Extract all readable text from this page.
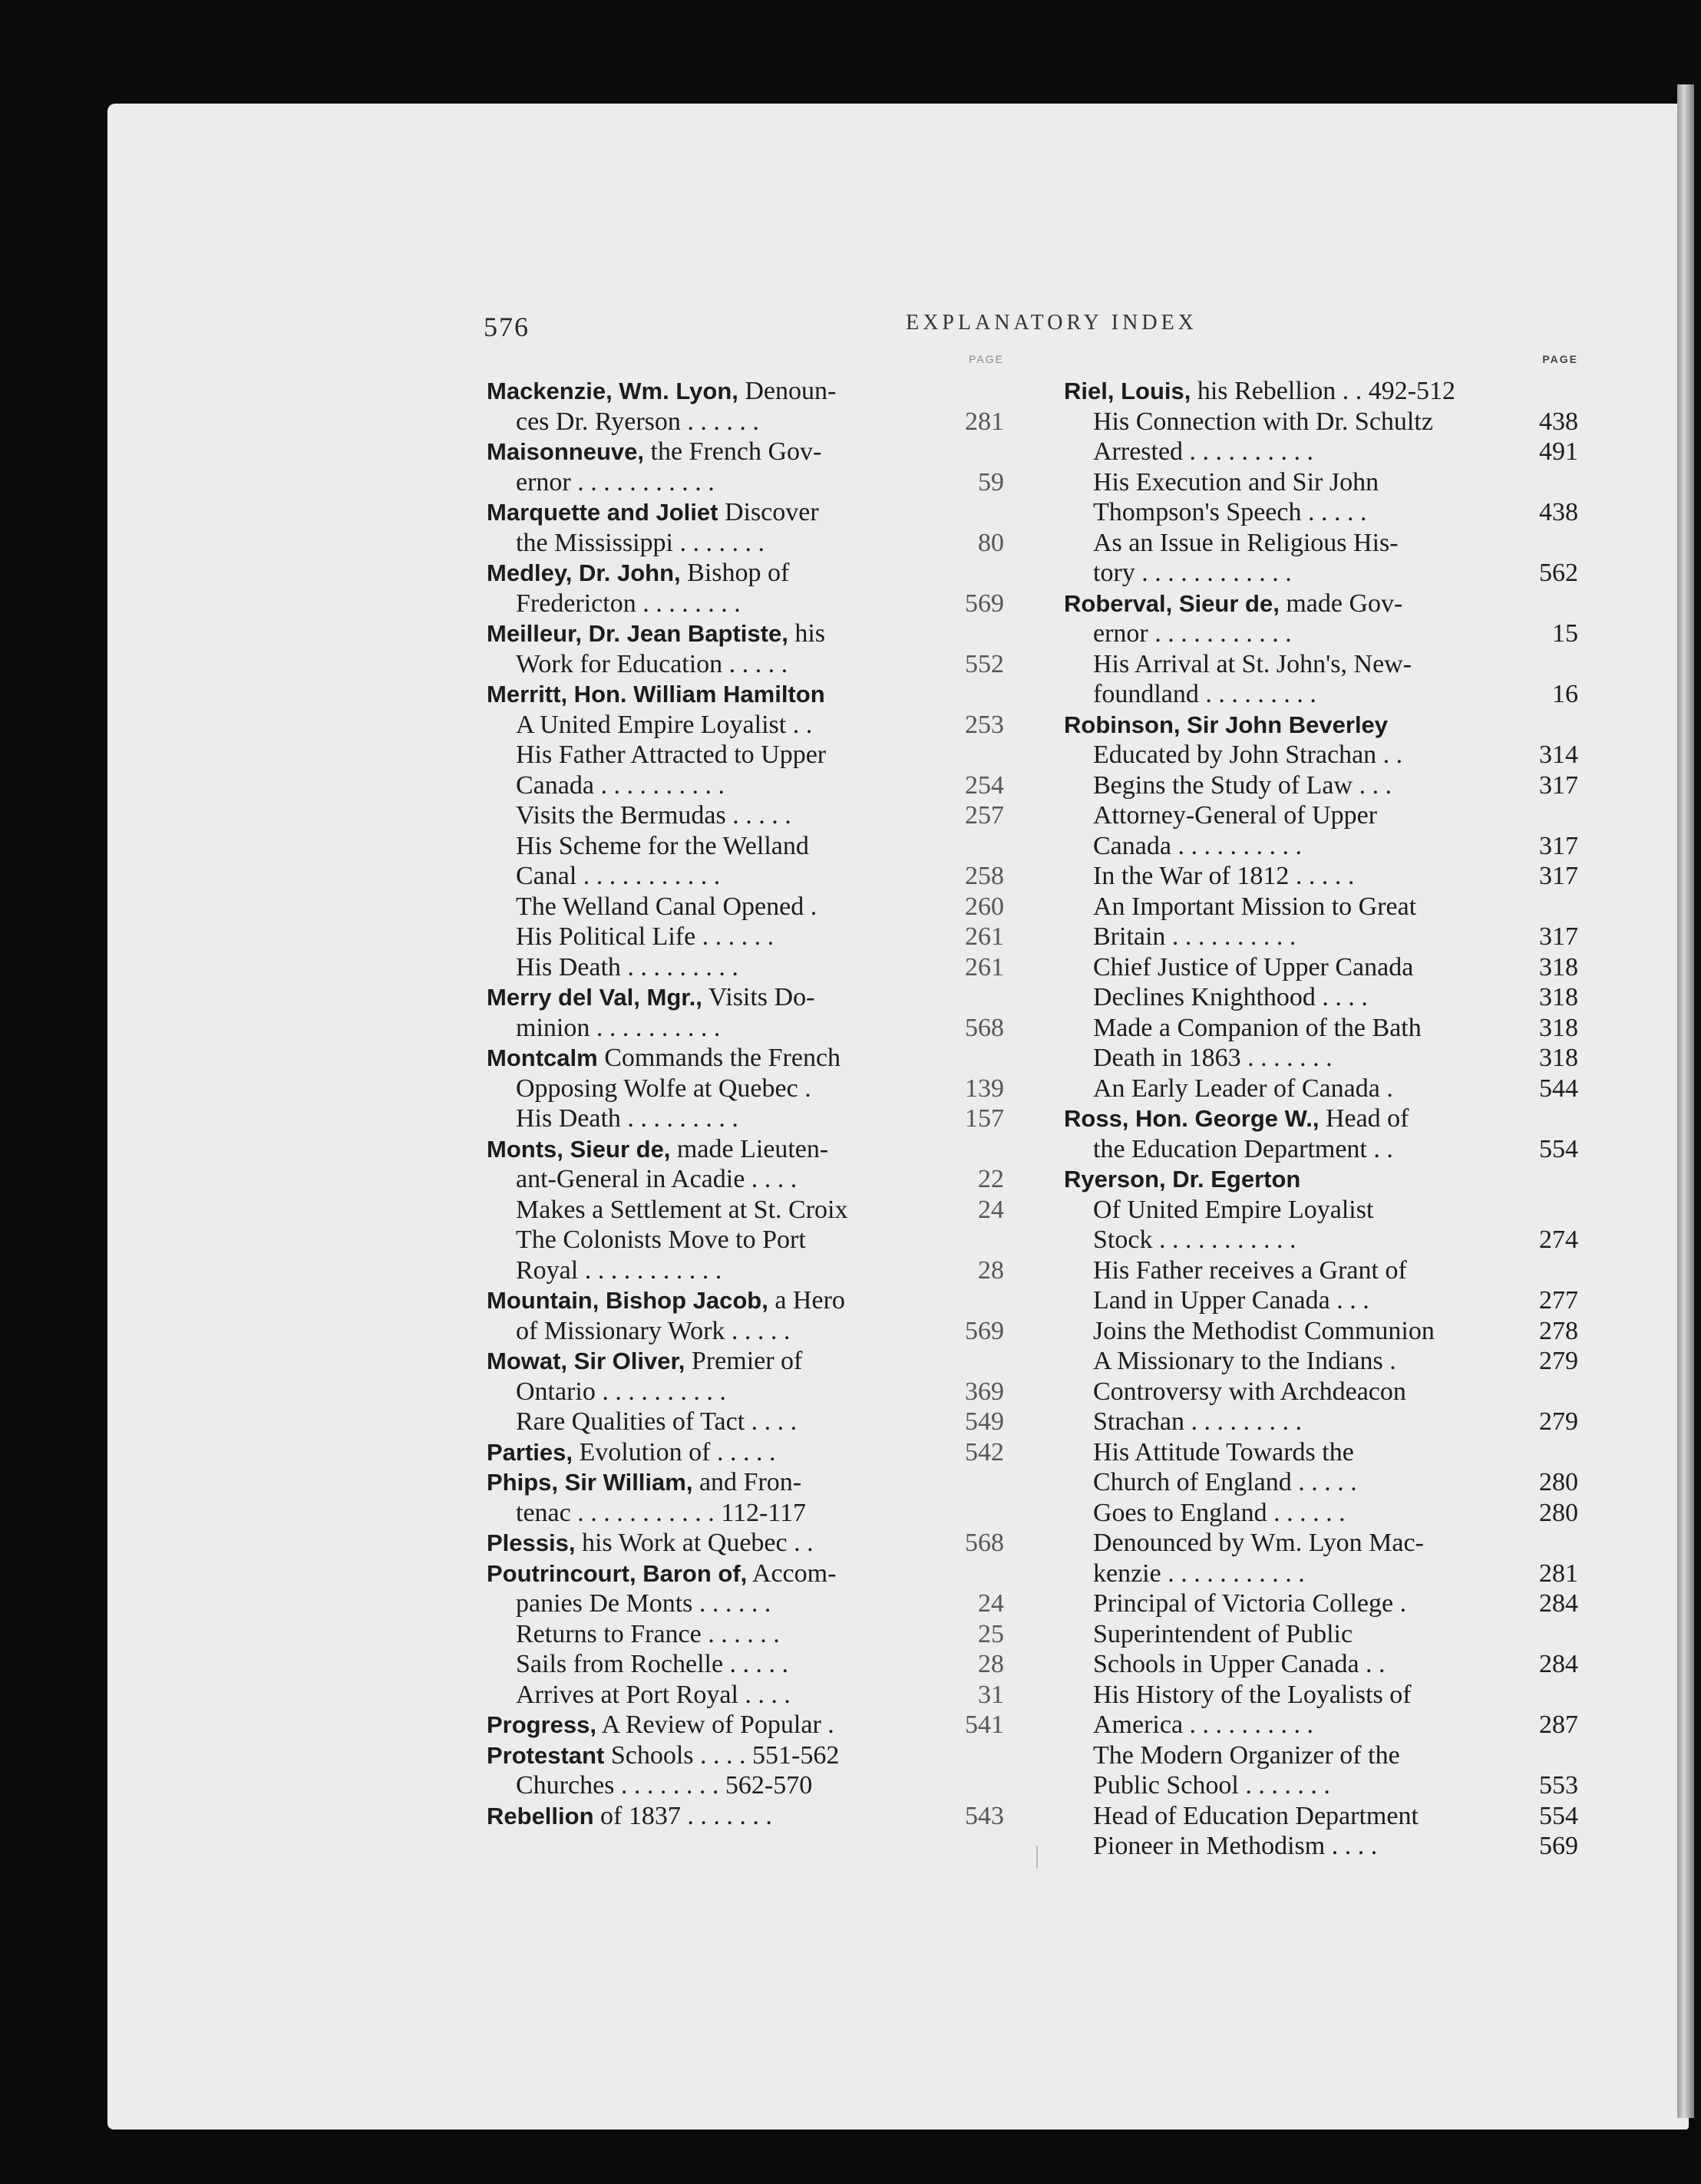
576	EXPLANATORY INDEX
PAGE
Mackenzie, Wm. Lyon, Denoun-
ces Dr. Ryerson . . . . . .	281
Maisonneuve, the French Gov-
ernor . . . . . . . . . . .	59
Marquette and Joliet Discover
the Mississippi . . . . . . .	80
Medley, Dr. John, Bishop of
Fredericton . . . . . . . .	569
Meilleur, Dr. Jean Baptiste, his
Work for Education . . . . .	552
Merritt, Hon. William Hamilton
A United Empire Loyalist . .	253
His Father Attracted to Upper
Canada . . . . . . . . . .	254
Visits the Bermudas . . . . .	257
His Scheme for the Welland
Canal . . . . . . . . . . .	258
The Welland Canal Opened .	260
His Political Life . . . . . .	261
His Death . . . . . . . . .	261
Merry del Val, Mgr., Visits Do-
minion . . . . . . . . . .	568
Montcalm Commands the French
Opposing Wolfe at Quebec .	139
His Death . . . . . . . . .	157
Monts, Sieur de, made Lieuten-
ant-General in Acadie . . . .	22
Makes a Settlement at St. Croix	24
The Colonists Move to Port
Royal . . . . . . . . . . .	28
Mountain, Bishop Jacob, a Hero
of Missionary Work . . . . .	569
Mowat, Sir Oliver, Premier of
Ontario . . . . . . . . . .	369
Rare Qualities of Tact . . . .	549
Parties, Evolution of . . . . .	542
Phips, Sir William, and Fron-
tenac . . . . . . . . . . . 112-117
Plessis, his Work at Quebec . .	568
Poutrincourt, Baron of, Accom-
panies De Monts . . . . . .	24
Returns to France . . . . . .	25
Sails from Rochelle . . . . .	28
Arrives at Port Royal . . . .	31
Progress, A Review of Popular .	541
Protestant Schools . . . . 551-562
Churches . . . . . . . . 562-570
Rebellion of 1837 . . . . . . .	543
PAGE
Riel, Louis, his Rebellion . . 492-512
His Connection with Dr. Schultz	438
Arrested . . . . . . . . . .	491
His Execution and Sir John
Thompson's Speech . . . . .	438
As an Issue in Religious His-
tory . . . . . . . . . . . .	562
Roberval, Sieur de, made Gov-
ernor . . . . . . . . . . .	15
His Arrival at St. John's, New-
foundland . . . . . . . . .	16
Robinson, Sir John Beverley
Educated by John Strachan . .	314
Begins the Study of Law . . .	317
Attorney-General of Upper
Canada . . . . . . . . . .	317
In the War of 1812 . . . . .	317
An Important Mission to Great
Britain . . . . . . . . . .	317
Chief Justice of Upper Canada	318
Declines Knighthood . . . .	318
Made a Companion of the Bath	318
Death in 1863 . . . . . . .	318
An Early Leader of Canada .	544
Ross, Hon. George W., Head of
the Education Department . .	554
Ryerson, Dr. Egerton
Of United Empire Loyalist
Stock . . . . . . . . . . .	274
His Father receives a Grant of
Land in Upper Canada . . .	277
Joins the Methodist Communion	278
A Missionary to the Indians .	279
Controversy with Archdeacon
Strachan . . . . . . . . .	279
His Attitude Towards the
Church of England . . . . .	280
Goes to England . . . . . .	280
Denounced by Wm. Lyon Mac-
kenzie . . . . . . . . . . .	281
Principal of Victoria College .	284
Superintendent of Public
Schools in Upper Canada . .	284
His History of the Loyalists of
America . . . . . . . . . .	287
The Modern Organizer of the
Public School . . . . . . .	553
Head of Education Department	554
Pioneer in Methodism . . . .	569
